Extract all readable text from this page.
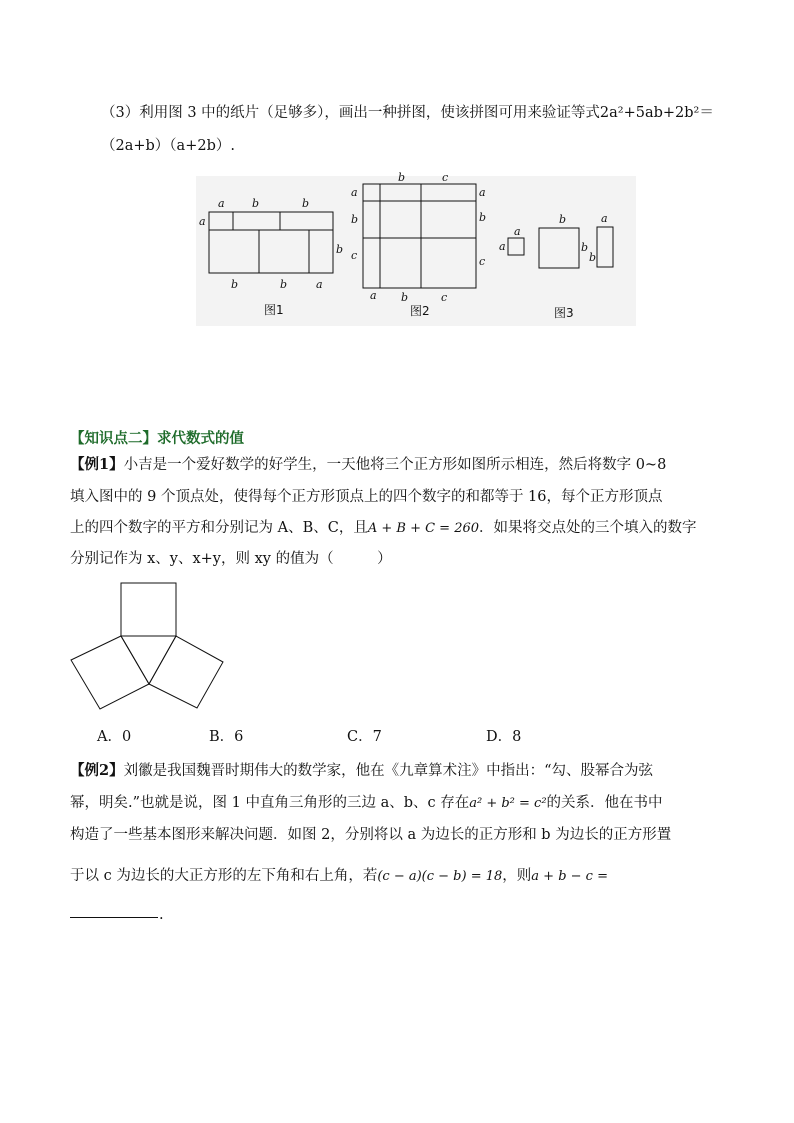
（3）利用图 3 中的纸片（足够多），画出一种拼图，使该拼图可用来验证等式2a²+5ab+2b²＝
（2a+b）（a+2b）.
a b	b
a
b
b	b	a
图1
b	c
a
b
c
a
b
c
a b	c
图2
a
a
b
b
b
a
图3
【知识点二】求代数式的值
【例1】小吉是一个爱好数学的好学生，一天他将三个正方形如图所示相连，然后将数字 0~8
填入图中的 9 个顶点处，使得每个正方形顶点上的四个数字的和都等于 16，每个正方形顶点
上的四个数字的平方和分别记为 A、B、C，且A + B + C = 260．如果将交点处的三个填入的数字
分别记作为 x、y、x+y，则 xy 的值为（　　　）
A．0	B．6	C．7	D．8
【例2】刘徽是我国魏晋时期伟大的数学家，他在《九章算术注》中指出：“勾、股幂合为弦
幂，明矣.”也就是说，图 1 中直角三角形的三边 a、b、c 存在a² + b² = c²的关系．他在书中
构造了一些基本图形来解决问题．如图 2，分别将以 a 为边长的正方形和 b 为边长的正方形置
于以 c 为边长的大正方形的左下角和右上角，若(c − a)(c − b) = 18，则a + b − c =
.
